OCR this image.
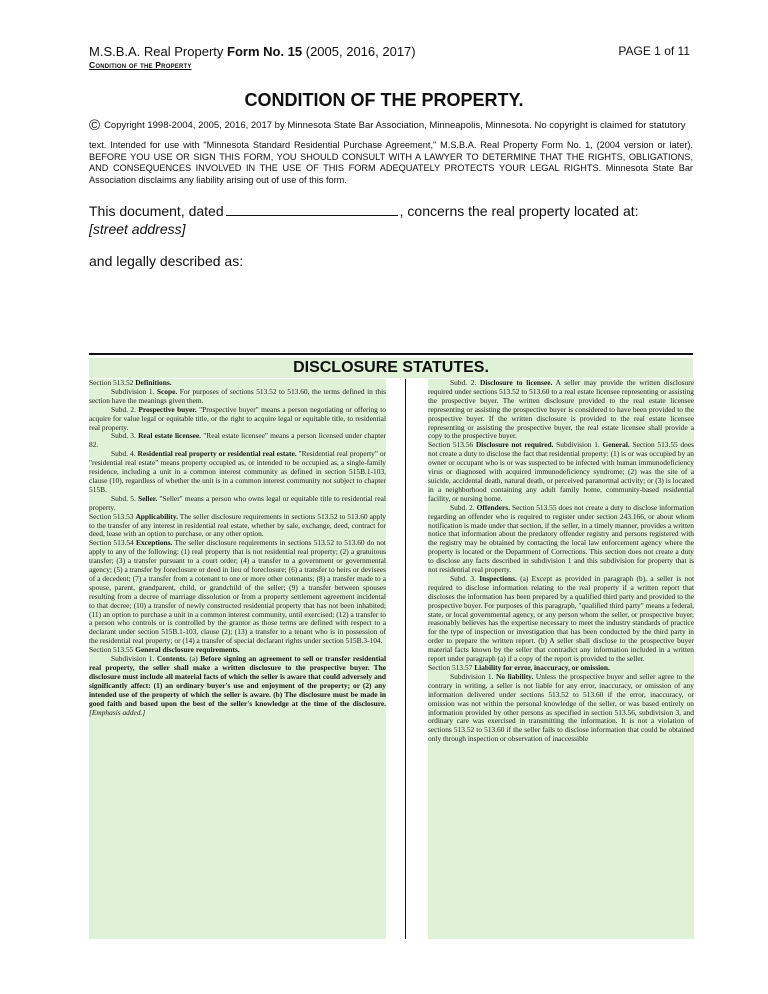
M.S.B.A. Real Property Form No. 15 (2005, 2016, 2017)
Condition of the Property
PAGE 1 of 11
CONDITION OF THE PROPERTY.
© Copyright 1998-2004, 2005, 2016, 2017 by Minnesota State Bar Association, Minneapolis, Minnesota. No copyright is claimed for statutory
text. Intended for use with "Minnesota Standard Residential Purchase Agreement," M.S.B.A. Real Property Form No. 1, (2004 version or later). BEFORE YOU USE OR SIGN THIS FORM, YOU SHOULD CONSULT WITH A LAWYER TO DETERMINE THAT THE RIGHTS, OBLIGATIONS, AND CONSEQUENCES INVOLVED IN THE USE OF THIS FORM ADEQUATELY PROTECTS YOUR LEGAL RIGHTS. Minnesota State Bar Association disclaims any liability arising out of use of this form.
This document, dated	, concerns the real property located at:
[street address]
and legally described as:
DISCLOSURE STATUTES.

Section 513.52 Definitions.

Subdivision 1. Scope. For purposes of sections 513.52 to 513.60, the terms defined in this section have the meanings given them.

Subd. 2. Prospective buyer. "Prospective buyer" means a person negotiating or offering to acquire for value legal or equitable title, or the right to acquire legal or equitable title, to residential real property.

Subd. 3. Real estate licensee. "Real estate licensee" means a person licensed under chapter 82.

Subd. 4. Residential real property or residential real estate. "Residential real property" or "residential real estate" means property occupied as, or intended to be occupied as, a single-family residence, including a unit in a common interest community as defined in section 515B.1-103, clause (10), regardless of whether the unit is in a common interest community not subject to chapter 515B.

Subd. 5. Seller. "Seller" means a person who owns legal or equitable title to residential real property.

Section 513.53 Applicability. The seller disclosure requirements in sections 513.52 to 513.60 apply to the transfer of any interest in residential real estate, whether by sale, exchange, deed, contract for deed, lease with an option to purchase, or any other option.

Section 513.54 Exceptions. The seller disclosure requirements in sections 513.52 to 513.60 do not apply to any of the following: (1) real property that is not residential real property; (2) a gratuitous transfer; (3) a transfer pursuant to a court order; (4) a transfer to a government or governmental agency; (5) a transfer by foreclosure or deed in lieu of foreclosure; (6) a transfer to heirs or devisees of a decedent; (7) a transfer from a cotenant to one or more other cotenants; (8) a transfer made to a spouse, parent, grandparent, child, or grandchild of the seller; (9) a transfer between spouses resulting from a decree of marriage dissolution or from a property settlement agreement incidental to that decree; (10) a transfer of newly constructed residential property that has not been inhabited; (11) an option to purchase a unit in a common interest community, until exercised; (12) a transfer to a person who controls or is controlled by the grantor as those terms are defined with respect to a declarant under section 515B.1-103, clause (2); (13) a transfer to a tenant who is in possession of the residential real property; or (14) a transfer of special declarant rights under section 515B.3-104.

Section 513.55 General disclosure requirements.

Subdivision 1. Contents. (a) Before signing an agreement to sell or transfer residential real property, the seller shall make a written disclosure to the prospective buyer. The disclosure must include all material facts of which the seller is aware that could adversely and significantly affect: (1) an ordinary buyer's use and enjoyment of the property; or (2) any intended use of the property of which the seller is aware. (b) The disclosure must be made in good faith and based upon the best of the seller's knowledge at the time of the disclosure. [Emphasis added.]

Subd. 2. Disclosure to licensee. A seller may provide the written disclosure required under sections 513.52 to 513.60 to a real estate licensee representing or assisting the prospective buyer. The written disclosure provided to the real estate licensee representing or assisting the prospective buyer is considered to have been provided to the prospective buyer. If the written disclosure is provided to the real estate licensee representing or assisting the prospective buyer, the real estate licensee shall provide a copy to the prospective buyer.

Section 513.56 Disclosure not required. Subdivision 1. General. Section 513.55 does not create a duty to disclose the fact that residential property: (1) is or was occupied by an owner or occupant who is or was suspected to be infected with human immunodeficiency virus or diagnosed with acquired immunodeficiency syndrome; (2) was the site of a suicide, accidental death, natural death, or perceived paranormal activity; or (3) is located in a neighborhood containing any adult family home, community-based residential facility, or nursing home.

Subd. 2. Offenders. Section 513.55 does not create a duty to disclose information regarding an offender who is required to register under section 243.166, or about whom notification is made under that section, if the seller, in a timely manner, provides a written notice that information about the predatory offender registry and persons registered with the registry may be obtained by contacting the local law enforcement agency where the property is located or the Department of Corrections. This section does not create a duty to disclose any facts described in subdivision 1 and this subdivision for property that is not residential real property.

Subd. 3. Inspections. (a) Except as provided in paragraph (b), a seller is not required to disclose information relating to the real property if a written report that discloses the information has been prepared by a qualified third party and provided to the prospective buyer. For purposes of this paragraph, "qualified third party" means a federal, state, or local governmental agency, or any person whom the seller, or prospective buyer, reasonably believes has the expertise necessary to meet the industry standards of practice for the type of inspection or investigation that has been conducted by the third party in order to prepare the written report. (b) A seller shall disclose to the prospective buyer material facts known by the seller that contradict any information included in a written report under paragraph (a) if a copy of the report is provided to the seller.

Section 513.57 Liability for error, inaccuracy, or omission.

Subdivision 1. No liability. Unless the prospective buyer and seller agree to the contrary in writing, a seller is not liable for any error, inaccuracy, or omission of any information delivered under sections 513.52 to 513.60 if the error, inaccuracy, or omission was not within the personal knowledge of the seller, or was based entirely on information provided by other persons as specified in section 513.56, subdivision 3, and ordinary care was exercised in transmitting the information. It is not a violation of sections 513.52 to 513.60 if the seller fails to disclose information that could be obtained only through inspection or observation of inaccessible
